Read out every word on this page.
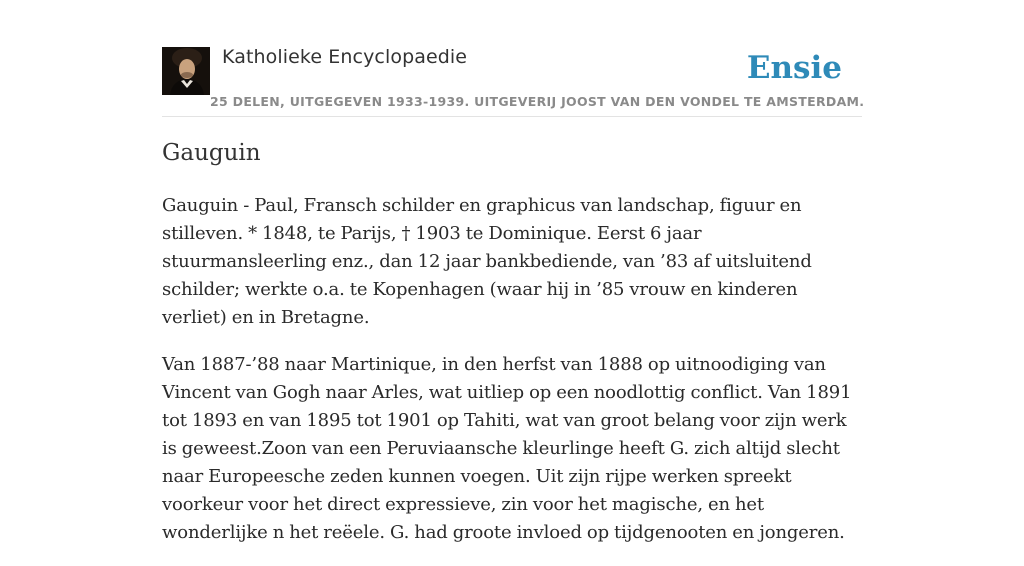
Katholieke Encyclopaedie
25 DELEN, UITGEGEVEN 1933-1939. UITGEVERIJ JOOST VAN DEN VONDEL TE AMSTERDAM.
Ensie
Gauguin

Gauguin - Paul, Fransch schilder en graphicus van landschap, figuur en stilleven. * 1848, te Parijs, † 1903 te Dominique. Eerst 6 jaar stuurmansleerling enz., dan 12 jaar bankbediende, van ’83 af uitsluitend schilder; werkte o.a. te Kopenhagen (waar hij in ’85 vrouw en kinderen verliet) en in Bretagne.

Van 1887-’88 naar Martinique, in den herfst van 1888 op uitnoodiging van Vincent van Gogh naar Arles, wat uitliep op een noodlottig conflict. Van 1891 tot 1893 en van 1895 tot 1901 op Tahiti, wat van groot belang voor zijn werk is geweest.Zoon van een Peruviaansche kleurlinge heeft G. zich altijd slecht naar Europeesche zeden kunnen voegen. Uit zijn rijpe werken spreekt voorkeur voor het direct expressieve, zin voor het magische, en het wonderlijke n het reëele. G. had groote invloed op tijdgenooten en jongeren.
